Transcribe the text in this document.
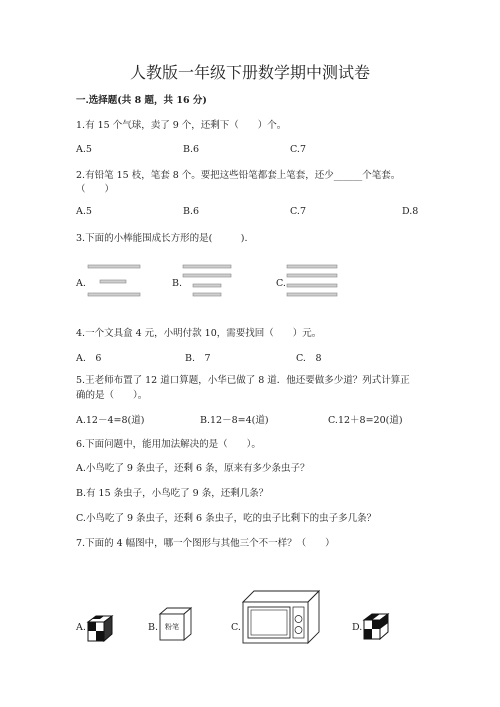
人教版一年级下册数学期中测试卷
一.选择题(共 8 题，共 16 分)
1.有 15 个气球，卖了 9 个，还剩下（　　）个。
A.5	B.6	C.7
2.有铅笔 15 枝，笔套 8 个。要把这些铅笔都套上笔套，还少______个笔套。
（　　）
A.5	B.6	C.7	D.8
3.下面的小棒能围成长方形的是(　　　).
A.	B.	C.
4.一个文具盒 4 元，小明付款 10，需要找回（　　）元。
A.　6	B.　7	C.　8
5.王老师布置了 12 道口算题，小华已做了 8 道．他还要做多少道？列式计算正
确的是（　　）。
A.12－4=8(道)	B.12－8=4(道)	C.12＋8=20(道)
6.下面问题中，能用加法解决的是（　　）。
A.小鸟吃了 9 条虫子，还剩 6 条，原来有多少条虫子？
B.有 15 条虫子，小鸟吃了 9 条，还剩几条？
C.小鸟吃了 9 条虫子，还剩 6 条虫子，吃的虫子比剩下的虫子多几条？
7.下面的 4 幅图中，哪一个图形与其他三个不一样？（　　）
A.	B. 粉笔	C.	D.
